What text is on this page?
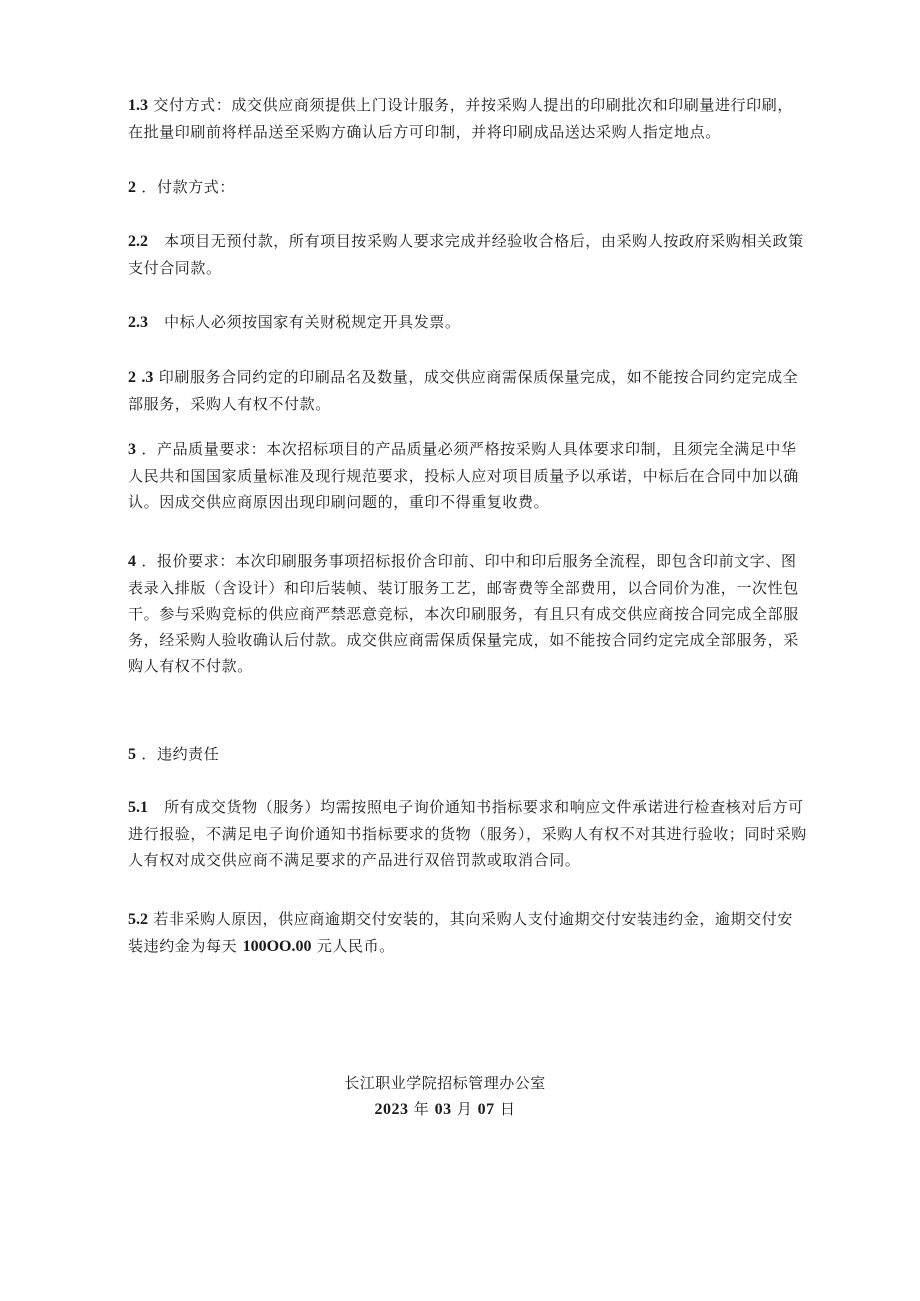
1.3 交付方式：成交供应商须提供上门设计服务，并按采购人提出的印刷批次和印刷量进行印刷，在批量印刷前将样品送至采购方确认后方可印制，并将印刷成品送达采购人指定地点。

2 ．付款方式：

2.2 本项目无预付款，所有项目按采购人要求完成并经验收合格后，由采购人按政府采购相关政策支付合同款。

2.3 中标人必须按国家有关财税规定开具发票。

2 .3 印刷服务合同约定的印刷品名及数量，成交供应商需保质保量完成，如不能按合同约定完成全部服务，采购人有权不付款。

3 ．产品质量要求：本次招标项目的产品质量必须严格按采购人具体要求印制，且须完全满足中华人民共和国国家质量标准及现行规范要求，投标人应对项目质量予以承诺，中标后在合同中加以确认。因成交供应商原因出现印刷问题的，重印不得重复收费。

4 ．报价要求：本次印刷服务事项招标报价含印前、印中和印后服务全流程，即包含印前文字、图表录入排版（含设计）和印后装帧、装订服务工艺，邮寄费等全部费用，以合同价为准，一次性包干。参与采购竞标的供应商严禁恶意竞标，本次印刷服务，有且只有成交供应商按合同完成全部服务，经采购人验收确认后付款。成交供应商需保质保量完成，如不能按合同约定完成全部服务，采购人有权不付款。

5 ．违约责任

5.1 所有成交货物（服务）均需按照电子询价通知书指标要求和响应文件承诺进行检查核对后方可进行报验，不满足电子询价通知书指标要求的货物（服务），采购人有权不对其进行验收；同时采购人有权对成交供应商不满足要求的产品进行双倍罚款或取消合同。

5.2 若非采购人原因，供应商逾期交付安装的，其向采购人支付逾期交付安装违约金，逾期交付安装违约金为每天 100OO.00 元人民币。

长江职业学院招标管理办公室
2023 年 03 月 07 日
